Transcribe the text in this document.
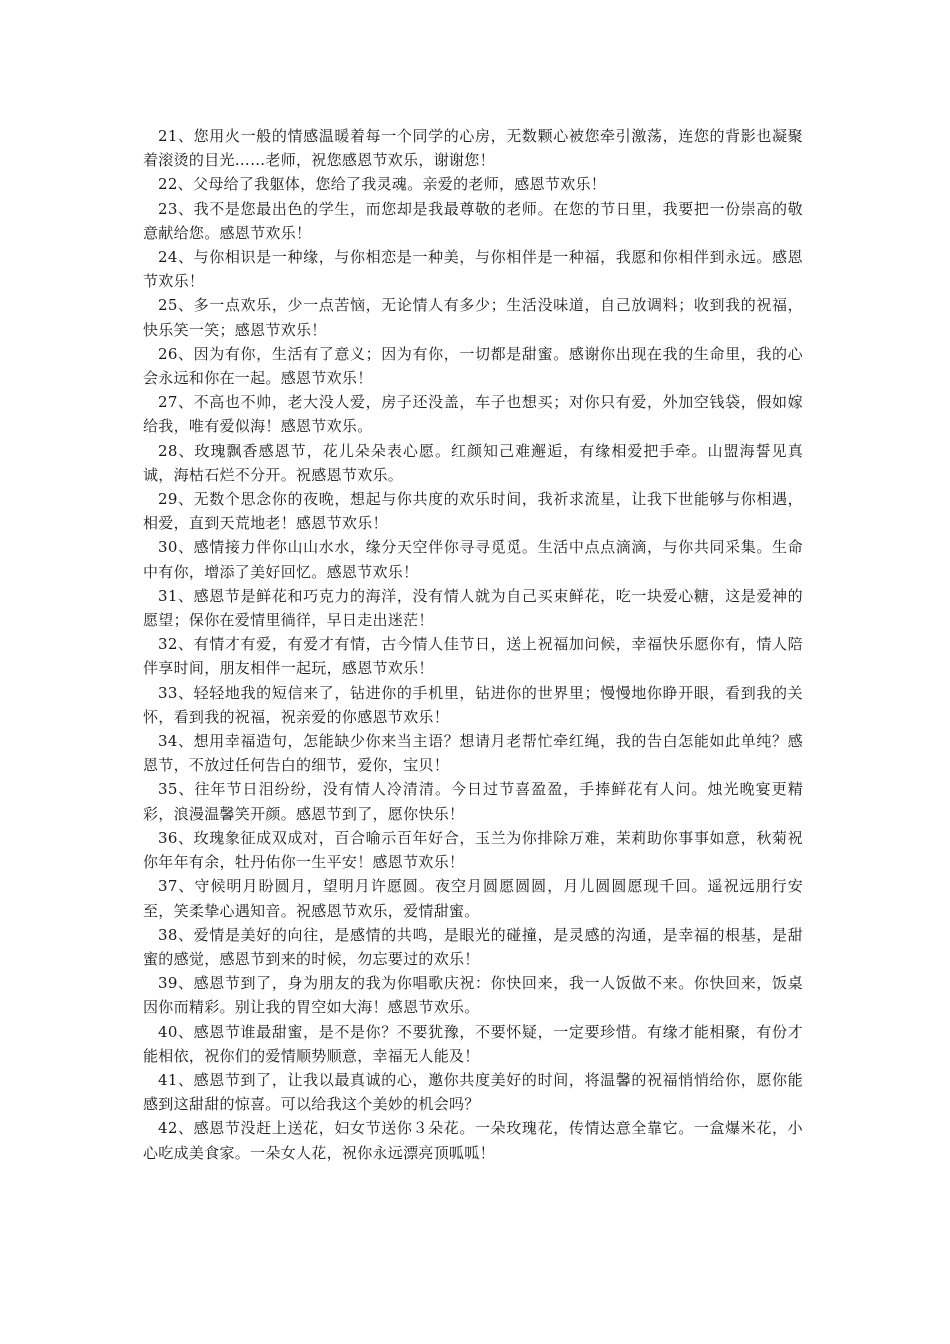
21、您用火一般的情感温暖着每一个同学的心房，无数颗心被您牵引激荡，连您的背影也凝聚着滚烫的目光……老师，祝您感恩节欢乐，谢谢您！

22、父母给了我躯体，您给了我灵魂。亲爱的老师，感恩节欢乐！

23、我不是您最出色的学生，而您却是我最尊敬的老师。在您的节日里，我要把一份崇高的敬意献给您。感恩节欢乐！

24、与你相识是一种缘，与你相恋是一种美，与你相伴是一种福，我愿和你相伴到永远。感恩节欢乐！

25、多一点欢乐，少一点苦恼，无论情人有多少；生活没味道，自己放调料；收到我的祝福，快乐笑一笑；感恩节欢乐！

26、因为有你，生活有了意义；因为有你，一切都是甜蜜。感谢你出现在我的生命里，我的心会永远和你在一起。感恩节欢乐！

27、不高也不帅，老大没人爱，房子还没盖，车子也想买；对你只有爱，外加空钱袋，假如嫁给我，唯有爱似海！感恩节欢乐。

28、玫瑰飘香感恩节，花儿朵朵表心愿。红颜知己难邂逅，有缘相爱把手牵。山盟海誓见真诚，海枯石烂不分开。祝感恩节欢乐。

29、无数个思念你的夜晚，想起与你共度的欢乐时间，我祈求流星，让我下世能够与你相遇，相爱，直到天荒地老！感恩节欢乐！

30、感情接力伴你山山水水，缘分天空伴你寻寻觅觅。生活中点点滴滴，与你共同采集。生命中有你，增添了美好回忆。感恩节欢乐！

31、感恩节是鲜花和巧克力的海洋，没有情人就为自己买束鲜花，吃一块爱心糖，这是爱神的愿望；保你在爱情里徜徉，早日走出迷茫！

32、有情才有爱，有爱才有情，古今情人佳节日，送上祝福加问候，幸福快乐愿你有，情人陪伴享时间，朋友相伴一起玩，感恩节欢乐！

33、轻轻地我的短信来了，钻进你的手机里，钻进你的世界里；慢慢地你睁开眼，看到我的关怀，看到我的祝福，祝亲爱的你感恩节欢乐！

34、想用幸福造句，怎能缺少你来当主语？想请月老帮忙牵红绳，我的告白怎能如此单纯？感恩节，不放过任何告白的细节，爱你，宝贝！

35、往年节日泪纷纷，没有情人冷清清。今日过节喜盈盈，手捧鲜花有人问。烛光晚宴更精彩，浪漫温馨笑开颜。感恩节到了，愿你快乐！

36、玫瑰象征成双成对，百合喻示百年好合，玉兰为你排除万难，茉莉助你事事如意，秋菊祝你年年有余，牡丹佑你一生平安！感恩节欢乐！

37、守候明月盼圆月，望明月许愿圆。夜空月圆愿圆圆，月儿圆圆愿现千回。遥祝远朋行安至，笑柔挚心遇知音。祝感恩节欢乐，爱情甜蜜。

38、爱情是美好的向往，是感情的共鸣，是眼光的碰撞，是灵感的沟通，是幸福的根基，是甜蜜的感觉，感恩节到来的时候，勿忘要过的欢乐！

39、感恩节到了，身为朋友的我为你唱歌庆祝：你快回来，我一人饭做不来。你快回来，饭桌因你而精彩。别让我的胃空如大海！感恩节欢乐。

40、感恩节谁最甜蜜，是不是你？不要犹豫，不要怀疑，一定要珍惜。有缘才能相聚，有份才能相依，祝你们的爱情顺势顺意，幸福无人能及！

41、感恩节到了，让我以最真诚的心，邀你共度美好的时间，将温馨的祝福悄悄给你，愿你能感到这甜甜的惊喜。可以给我这个美妙的机会吗？

42、感恩节没赶上送花，妇女节送你３朵花。一朵玫瑰花，传情达意全靠它。一盒爆米花，小心吃成美食家。一朵女人花，祝你永远漂亮顶呱呱！
